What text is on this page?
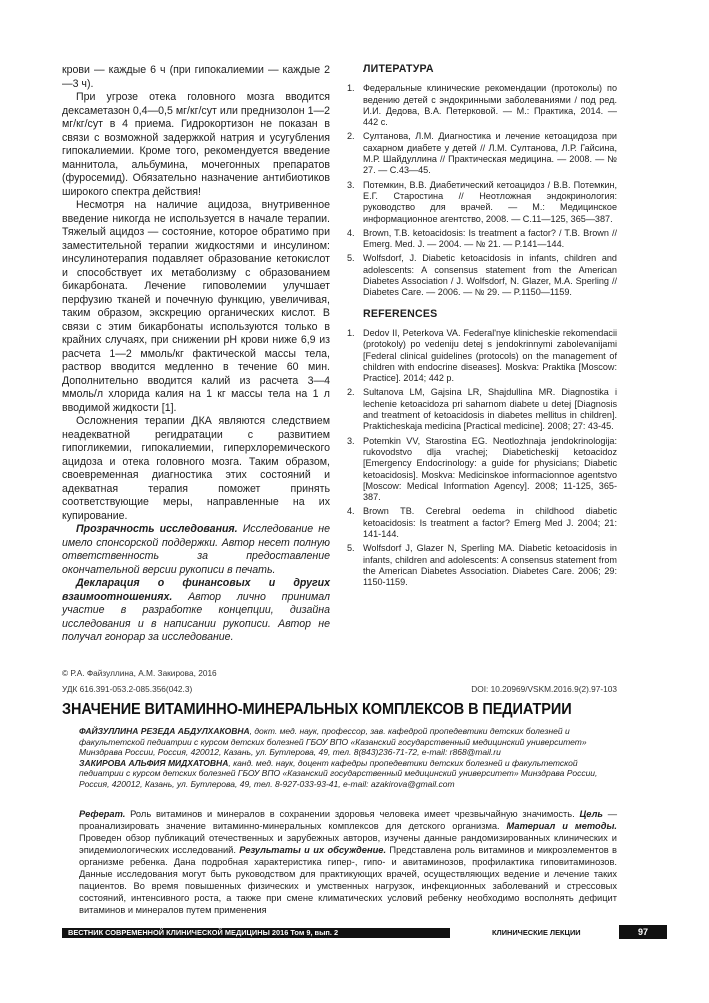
крови — каждые 6 ч (при гипокалиемии — каждые 2—3 ч).

При угрозе отека головного мозга вводится дексаметазон 0,4—0,5 мг/кг/сут или преднизолон 1—2 мг/кг/сут в 4 приема. Гидрокортизон не показан в связи с возможной задержкой натрия и усугубления гипокалиемии. Кроме того, рекомендуется введение маннитола, альбумина, мочегонных препаратов (фуросемид). Обязательно назначение антибиотиков широкого спектра действия!

Несмотря на наличие ацидоза, внутривенное введение никогда не используется в начале терапии. Тяжелый ацидоз — состояние, которое обратимо при заместительной терапии жидкостями и инсулином: инсулинотерапия подавляет образование кетокислот и способствует их метаболизму с образованием бикарбоната. Лечение гиповолемии улучшает перфузию тканей и почечную функцию, увеличивая, таким образом, экскрецию органических кислот. В связи с этим бикарбонаты используются только в крайних случаях, при снижении pH крови ниже 6,9 из расчета 1—2 ммоль/кг фактической массы тела, раствор вводится медленно в течение 60 мин. Дополнительно вводится калий из расчета 3—4 ммоль/л хлорида калия на 1 кг массы тела на 1 л вводимой жидкости [1].

Осложнения терапии ДКА являются следствием неадекватной регидратации с развитием гипогликемии, гипокалиемии, гиперхлоремического ацидоза и отека головного мозга. Таким образом, своевременная диагностика этих состояний и адекватная терапия поможет принять соответствующие меры, направленные на их купирование.

Прозрачность исследования. Исследование не имело спонсорской поддержки. Автор несет полную ответственность за предоставление окончательной версии рукописи в печать.

Декларация о финансовых и других взаимоотношениях. Автор лично принимал участие в разработке концепции, дизайна исследования и в написании рукописи. Автор не получал гонорар за исследование.

ЛИТЕРАТУРА
1. Федеральные клинические рекомендации (протоколы) по ведению детей с эндокринными заболеваниями / под ред. И.И. Дедова, В.А. Петерковой. — М.: Практика, 2014. — 442 с.
2. Султанова, Л.М. Диагностика и лечение кетоацидоза при сахарном диабете у детей // Л.М. Султанова, Л.Р. Гайсина, М.Р. Шайдуллина // Практическая медицина. — 2008. — № 27. — С.43—45.
3. Потемкин, В.В. Диабетический кетоацидоз / В.В. Потемкин, Е.Г. Старостина // Неотложная эндокринология: руководство для врачей. — М.: Медицинское информационное агентство, 2008. — С.11—125, 365—387.
4. Brown, T.B. ketoacidosis: Is treatment a factor? / T.B. Brown // Emerg. Med. J. — 2004. — № 21. — P.141—144.
5. Wolfsdorf, J. Diabetic ketoacidosis in infants, children and adolescents: A consensus statement from the American Diabetes Association / J. Wolfsdorf, N. Glazer, M.A. Sperling // Diabetes Care. — 2006. — № 29. — P.1150—1159.
REFERENCES
1. Dedov II, Peterkova VA. Federal'nye klinicheskie rekomendacii (protokoly) po vedeniju detej s jendokrinnymi zabolevanijami [Federal clinical guidelines (protocols) on the management of children with endocrine diseases]. Moskva: Praktika [Moscow: Practice]. 2014; 442 p.
2. Sultanova LM, Gajsina LR, Shajdullina MR. Diagnostika i lechenie ketoacidoza pri saharnom diabete u detej [Diagnosis and treatment of ketoacidosis in diabetes mellitus in children]. Prakticheskaja medicina [Practical medicine]. 2008; 27: 43-45.
3. Potemkin VV, Starostina EG. Neotlozhnaja jendokrinologija: rukovodstvo dlja vrachej; Diabeticheskij ketoacidoz [Emergency Endocrinology: a guide for physicians; Diabetic ketoacidosis]. Moskva: Medicinskoe informacionnoe agentstvo [Moscow: Medical Information Agency]. 2008; 11-125, 365-387.
4. Brown TB. Cerebral oedema in childhood diabetic ketoacidosis: Is treatment a factor? Emerg Med J. 2004; 21: 141-144.
5. Wolfsdorf J, Glazer N, Sperling MA. Diabetic ketoacidosis in infants, children and adolescents: A consensus statement from the American Diabetes Association. Diabetes Care. 2006; 29: 1150-1159.
© Р.А. Файзуллина, А.М. Закирова, 2016
УДК 616.391-053.2-085.356(042.3)	DOI: 10.20969/VSKM.2016.9(2).97-103
ЗНАЧЕНИЕ ВИТАМИННО-МИНЕРАЛЬНЫХ КОМПЛЕКСОВ В ПЕДИАТРИИ
ФАЙЗУЛЛИНА РЕЗЕДА АБДУЛХАКОВНА, докт. мед. наук, профессор, зав. кафедрой пропедевтики детских болезней и факультетской педиатрии с курсом детских болезней ГБОУ ВПО «Казанский государственный медицинский университет» Минздрава России, Россия, 420012, Казань, ул. Бутлерова, 49, тел. 8(843)236-71-72, e-mail: r868@mail.ru
ЗАКИРОВА АЛЬФИЯ МИДХАТОВНА, канд. мед. наук, доцент кафедры пропедевтики детских болезней и факультетской педиатрии с курсом детских болезней ГБОУ ВПО «Казанский государственный медицинский университет» Минздрава России, Россия, 420012, Казань, ул. Бутлерова, 49, тел. 8-927-033-93-41, e-mail: azakirova@gmail.com
Реферат. Роль витаминов и минералов в сохранении здоровья человека имеет чрезвычайную значимость. Цель — проанализировать значение витаминно-минеральных комплексов для детского организма. Материал и методы. Проведен обзор публикаций отечественных и зарубежных авторов, изучены данные рандомизированных клинических и эпидемиологических исследований. Результаты и их обсуждение. Представлена роль витаминов и микроэлементов в организме ребенка. Дана подробная характеристика гипер-, гипо- и авитаминозов, профилактика гиповитаминозов. Данные исследования могут быть руководством для практикующих врачей, осуществляющих ведение и лечение таких пациентов. Во время повышенных физических и умственных нагрузок, инфекционных заболеваний и стрессовых состояний, интенсивного роста, а также при смене климатических условий ребенку необходимо восполнять дефицит витаминов и минералов путем применения
ВЕСТНИК СОВРЕМЕННОЙ КЛИНИЧЕСКОЙ МЕДИЦИНЫ 2016 Том 9, вып. 2	КЛИНИЧЕСКИЕ ЛЕКЦИИ	97
